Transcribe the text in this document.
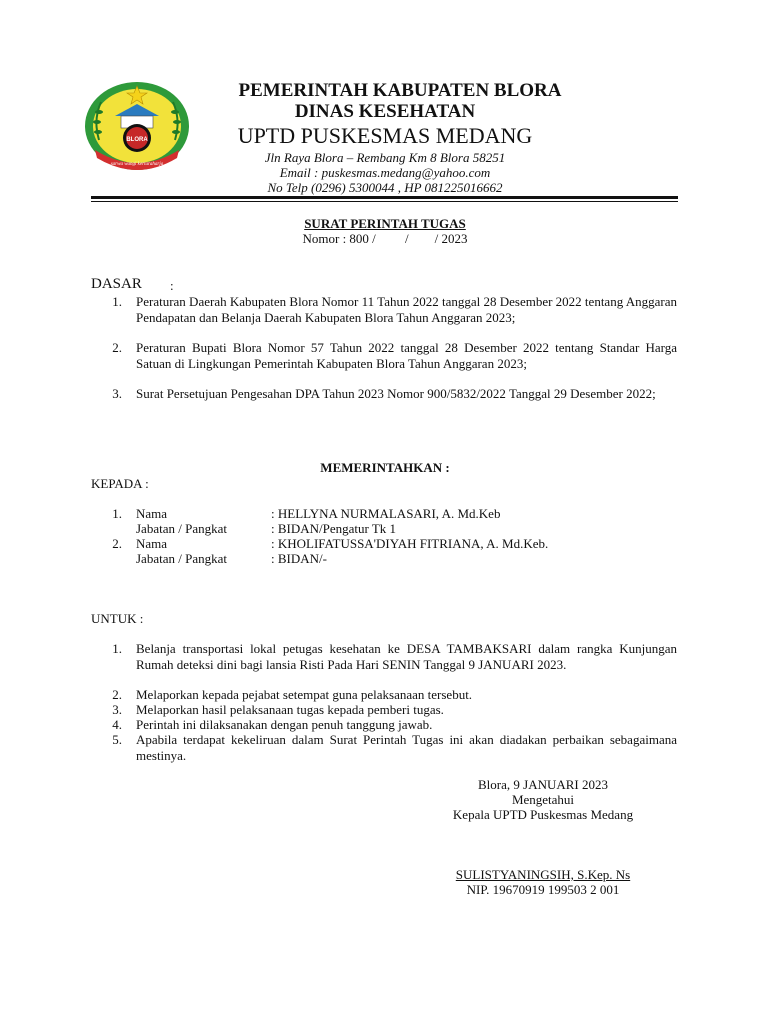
BLORA
sarwa wangi kertaraharja
PEMERINTAH KABUPATEN BLORA
DINAS KESEHATAN
UPTD PUSKESMAS MEDANG
Jln Raya Blora – Rembang Km 8 Blora 58251
Email : puskesmas.medang@yahoo.com
No Telp (0296) 5300044 , HP 081225016662
SURAT PERINTAH TUGAS
Nomor : 800 /         /        / 2023
DASAR :
1. Peraturan Daerah Kabupaten Blora Nomor 11 Tahun 2022 tanggal 28 Desember 2022 tentang Anggaran Pendapatan dan Belanja Daerah Kabupaten Blora Tahun Anggaran 2023;
2. Peraturan Bupati Blora Nomor 57 Tahun 2022 tanggal 28 Desember 2022 tentang Standar Harga Satuan di Lingkungan Pemerintah Kabupaten Blora Tahun Anggaran 2023;
3. Surat Persetujuan Pengesahan DPA Tahun 2023 Nomor 900/5832/2022 Tanggal 29 Desember 2022;
MEMERINTAHKAN :
KEPADA :
1. Nama	: HELLYNA NURMALASARI, A. Md.Keb
Jabatan / Pangkat	: BIDAN/Pengatur Tk 1
2. Nama	: KHOLIFATUSSA'DIYAH FITRIANA, A. Md.Keb.
Jabatan / Pangkat	: BIDAN/-
UNTUK :
1. Belanja transportasi lokal petugas kesehatan ke DESA TAMBAKSARI dalam rangka Kunjungan Rumah deteksi dini bagi lansia Risti Pada Hari SENIN Tanggal 9 JANUARI 2023.
2. Melaporkan kepada pejabat setempat guna pelaksanaan tersebut.
3. Melaporkan hasil pelaksanaan tugas kepada pemberi tugas.
4. Perintah ini dilaksanakan dengan penuh tanggung jawab.
5. Apabila terdapat kekeliruan dalam Surat Perintah Tugas ini akan diadakan perbaikan sebagaimana mestinya.
Blora, 9 JANUARI 2023
Mengetahui
Kepala UPTD Puskesmas Medang
SULISTYANINGSIH, S.Kep. Ns
NIP. 19670919 199503 2 001
